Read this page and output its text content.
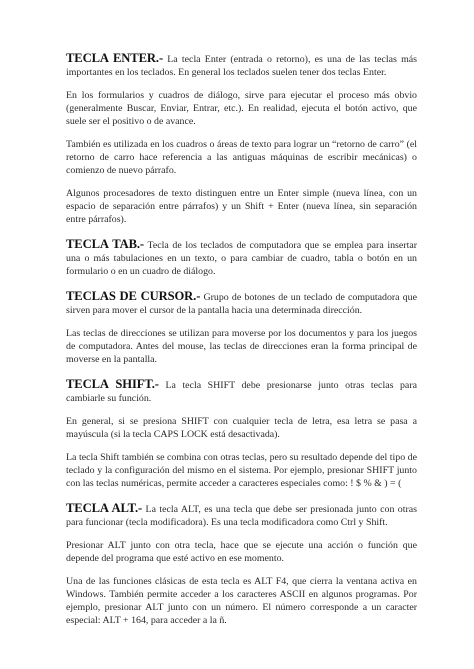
TECLA ENTER.- La tecla Enter (entrada o retorno), es una de las teclas más importantes en los teclados. En general los teclados suelen tener dos teclas Enter.

En los formularios y cuadros de diálogo, sirve para ejecutar el proceso más obvio (generalmente Buscar, Enviar, Entrar, etc.). En realidad, ejecuta el botón activo, que suele ser el positivo o de avance.

También es utilizada en los cuadros o áreas de texto para lograr un “retorno de carro” (el retorno de carro hace referencia a las antiguas máquinas de escribir mecánicas) o comienzo de nuevo párrafo.

Algunos procesadores de texto distinguen entre un Enter simple (nueva línea, con un espacio de separación entre párrafos) y un Shift + Enter (nueva línea, sin separación entre párrafos).

TECLA TAB.- Tecla de los teclados de computadora que se emplea para insertar una o más tabulaciones en un texto, o para cambiar de cuadro, tabla o botón en un formulario o en un cuadro de diálogo.

TECLAS DE CURSOR.- Grupo de botones de un teclado de computadora que sirven para mover el cursor de la pantalla hacia una determinada dirección.

Las teclas de direcciones se utilizan para moverse por los documentos y para los juegos de computadora. Antes del mouse, las teclas de direcciones eran la forma principal de moverse en la pantalla.

TECLA SHIFT.- La tecla SHIFT debe presionarse junto otras teclas para cambiarle su función.

En general, si se presiona SHIFT con cualquier tecla de letra, esa letra se pasa a mayúscula (si la tecla CAPS LOCK está desactivada).

La tecla Shift también se combina con otras teclas, pero su resultado depende del tipo de teclado y la configuración del mismo en el sistema. Por ejemplo, presionar SHIFT junto con las teclas numéricas, permite acceder a caracteres especiales como: ! $ % & ) = (

TECLA ALT.- La tecla ALT, es una tecla que debe ser presionada junto con otras para funcionar (tecla modificadora). Es una tecla modificadora como Ctrl y Shift.

Presionar ALT junto con otra tecla, hace que se ejecute una acción o función que depende del programa que esté activo en ese momento.

Una de las funciones clásicas de esta tecla es ALT F4, que cierra la ventana activa en Windows. También permite acceder a los caracteres ASCII en algunos programas. Por ejemplo, presionar ALT junto con un número. El número corresponde a un caracter especial: ALT + 164, para acceder a la ñ.
